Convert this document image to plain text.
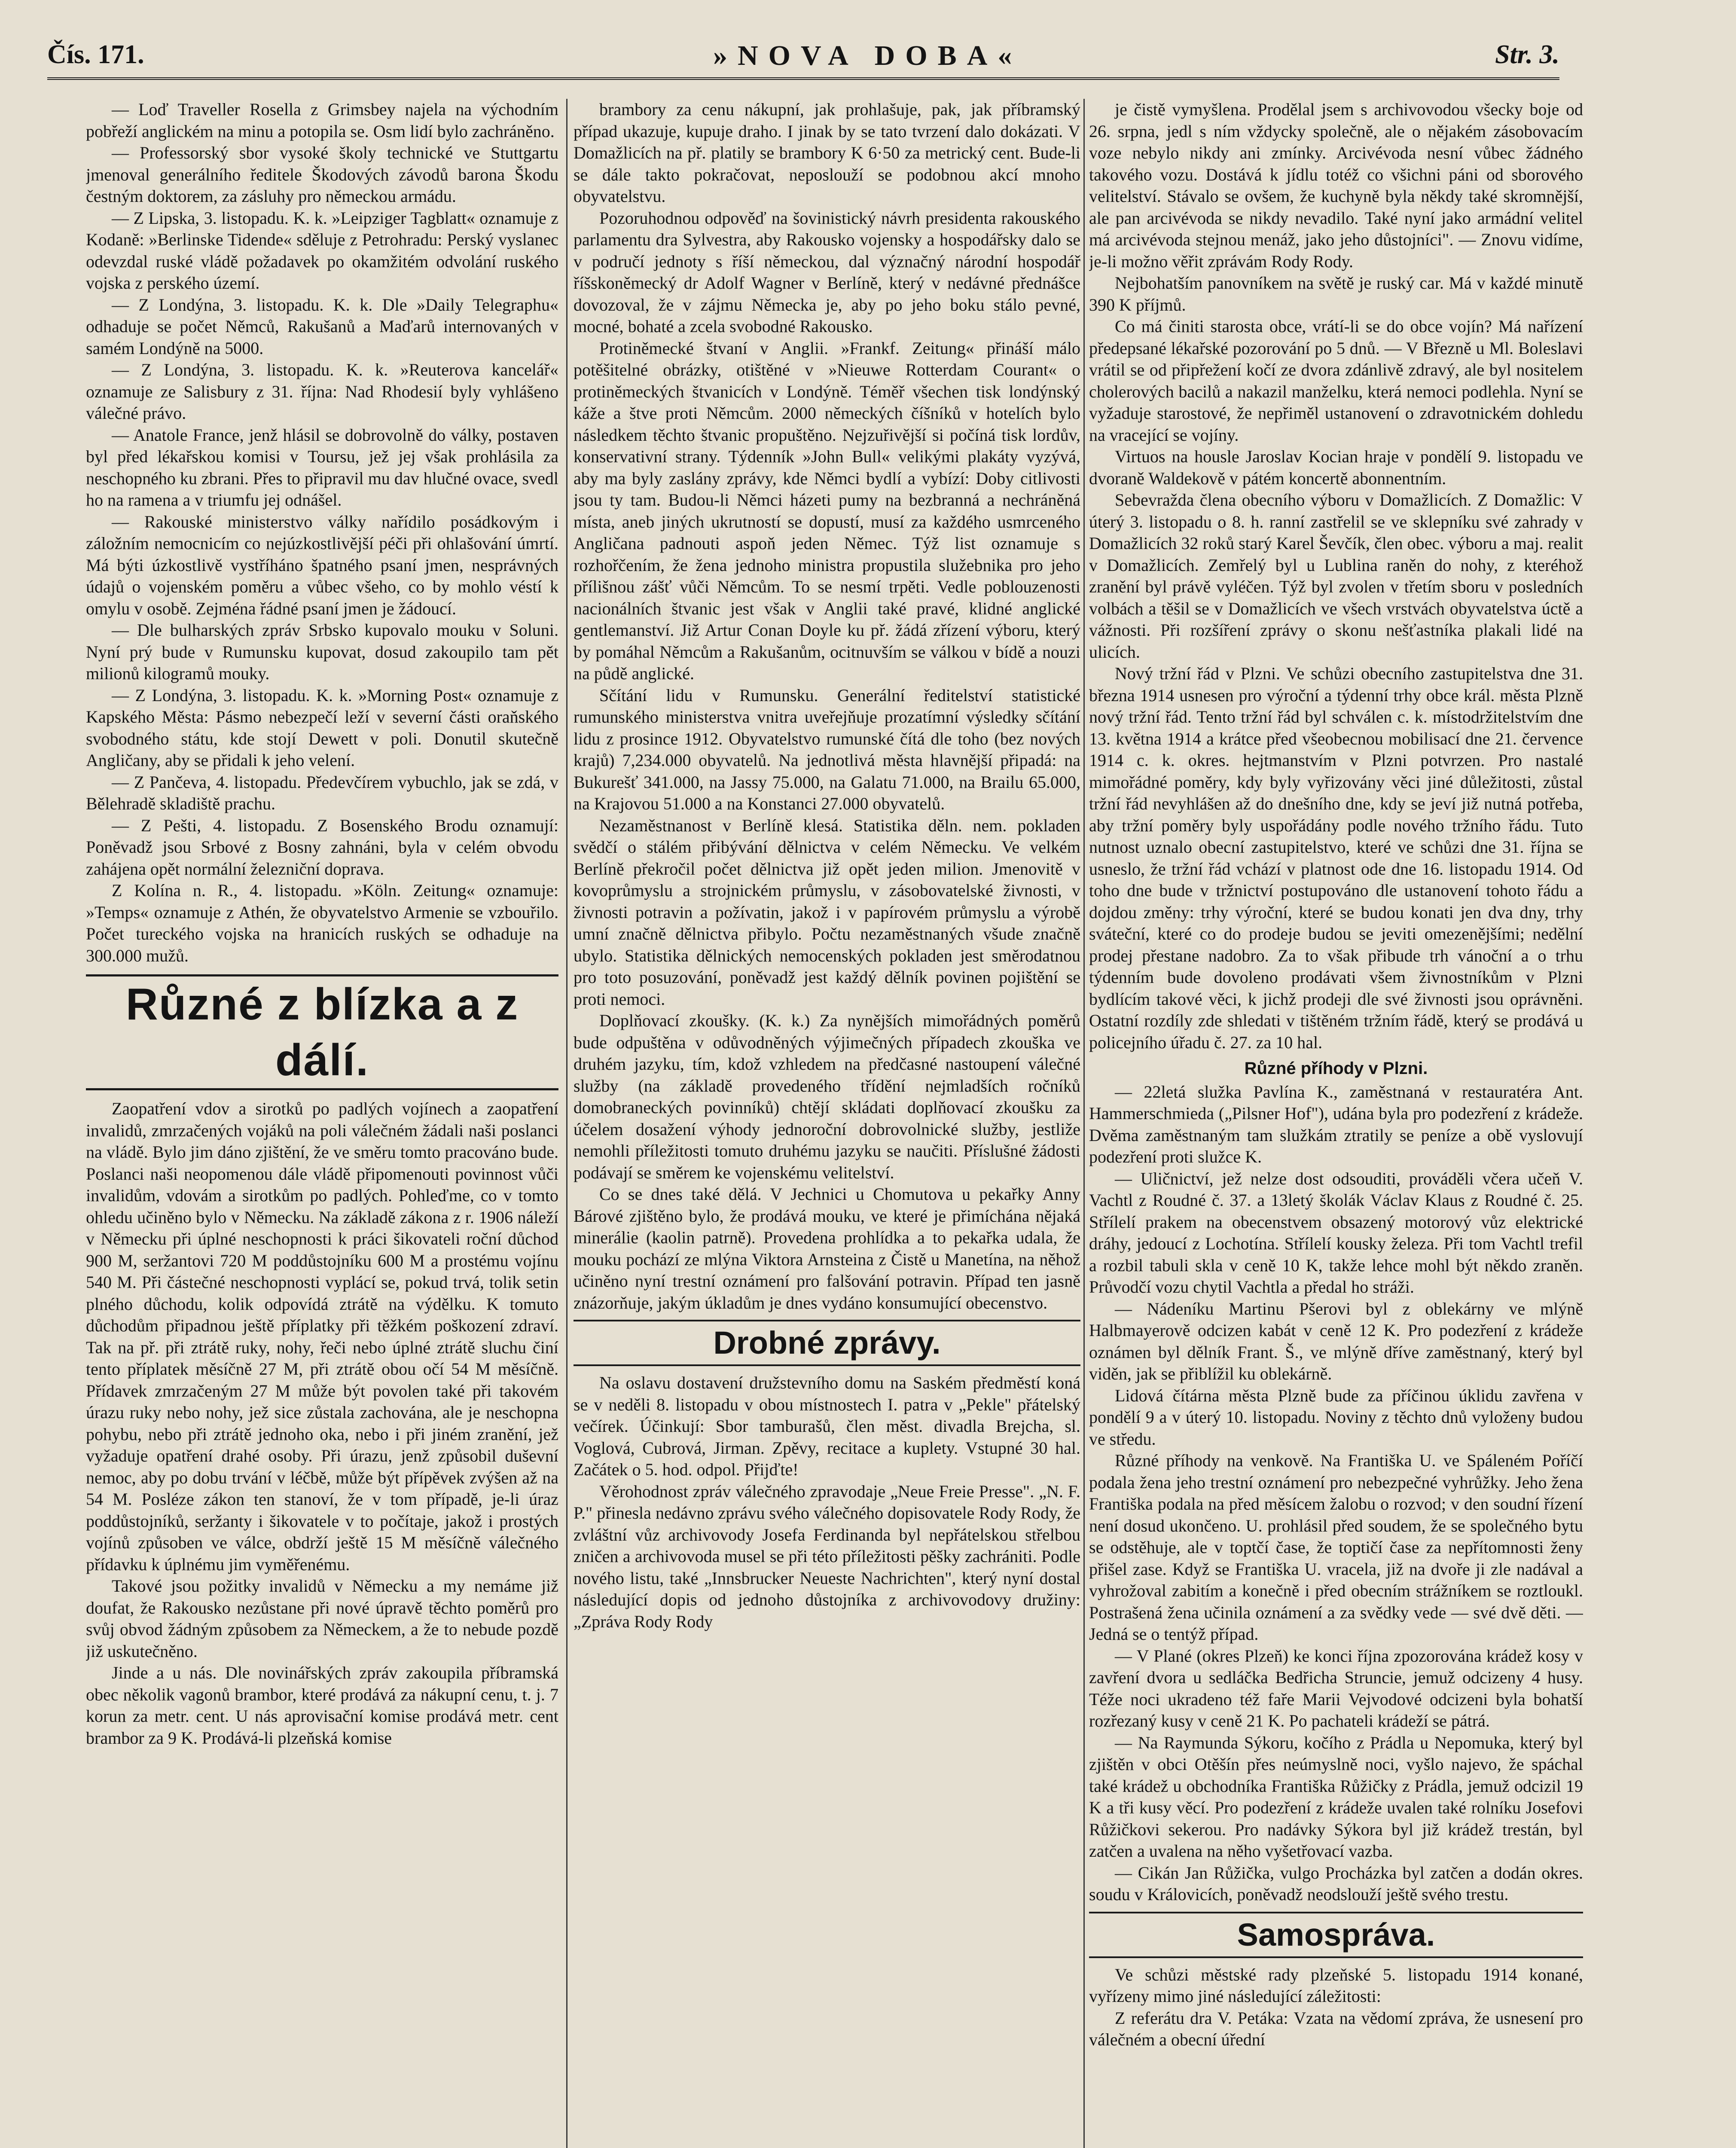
Čís. 171.	»NOVA DOBA«	Str. 3.

— Loď Traveller Rosella z Grimsbey najela na východním pobřeží anglickém na minu a potopila se. Osm lidí bylo zachráněno.

— Professorský sbor vysoké školy technické ve Stuttgartu jmenoval generálního ředitele Škodových závodů barona Škodu čestným doktorem, za zásluhy pro německou armádu.

— Z Lipska, 3. listopadu. K. k. »Leipziger Tagblatt« oznamuje z Kodaně: »Berlinske Tidende« sděluje z Petrohradu: Perský vyslanec odevzdal ruské vládě požadavek po okamžitém odvolání ruského vojska z perského území.

— Z Londýna, 3. listopadu. K. k. Dle »Daily Telegraphu« odhaduje se počet Němců, Rakušanů a Maďarů internovaných v samém Londýně na 5000.

— Z Londýna, 3. listopadu. K. k. »Reuterova kancelář« oznamuje ze Salisbury z 31. října: Nad Rhodesií byly vyhlášeno válečné právo.

— Anatole France, jenž hlásil se dobrovolně do války, postaven byl před lékařskou komisi v Toursu, jež jej však prohlásila za neschopného ku zbrani. Přes to připravil mu dav hlučné ovace, svedl ho na ramena a v triumfu jej odnášel.

— Rakouské ministerstvo války nařídilo posádkovým i záložním nemocnicím co nejúzkostlivější péči při ohlašování úmrtí. Má býti úzkostlivě vystříháno špatného psaní jmen, nesprávných údajů o vojenském poměru a vůbec všeho, co by mohlo véstí k omylu v osobě. Zejména řádné psaní jmen je žádoucí.

— Dle bulharských zpráv Srbsko kupovalo mouku v Soluni. Nyní prý bude v Rumunsku kupovat, dosud zakoupilo tam pět milionů kilogramů mouky.

— Z Londýna, 3. listopadu. K. k. »Morning Post« oznamuje z Kapského Města: Pásmo nebezpečí leží v severní části oraňského svobodného státu, kde stojí Dewett v poli. Donutil skutečně Angličany, aby se přidali k jeho velení.

— Z Pančeva, 4. listopadu. Předevčírem vybuchlo, jak se zdá, v Bělehradě skladiště prachu.

— Z Pešti, 4. listopadu. Z Bosenského Brodu oznamují: Poněvadž jsou Srbové z Bosny zahnáni, byla v celém obvodu zahájena opět normální železniční doprava.

Z Kolína n. R., 4. listopadu. »Köln. Zeitung« oznamuje: »Temps« oznamuje z Athén, že obyvatelstvo Armenie se vzbouřilo. Počet tureckého vojska na hranicích ruských se odhaduje na 300.000 mužů.

Různé z blízka a z dálí.

Zaopatření vdov a sirotků po padlých vojínech a zaopatření invalidů, zmrzačených vojáků na poli válečném žádali naši poslanci na vládě. Bylo jim dáno zjištění, že ve směru tomto pracováno bude. Poslanci naši neopomenou dále vládě připomenouti povinnost vůči invalidům, vdovám a sirotkům po padlých. Pohleďme, co v tomto ohledu učiněno bylo v Německu. Na základě zákona z r. 1906 náleží v Německu při úplné neschopnosti k práci šikovateli roční důchod 900 M, seržantovi 720 M poddůstojníku 600 M a prostému vojínu 540 M. Při částečné neschopnosti vyplácí se, pokud trvá, tolik setin plného důchodu, kolik odpovídá ztrátě na výdělku. K tomuto důchodům připadnou ještě příplatky při těžkém poškození zdraví. Tak na př. při ztrátě ruky, nohy, řeči nebo úplné ztrátě sluchu činí tento příplatek měsíčně 27 M, při ztrátě obou očí 54 M měsíčně. Přídavek zmrzačeným 27 M může být povolen také při takovém úrazu ruky nebo nohy, jež sice zůstala zachována, ale je neschopna pohybu, nebo při ztrátě jednoho oka, nebo i při jiném zranění, jež vyžaduje opatření drahé osoby. Při úrazu, jenž způsobil duševní nemoc, aby po dobu trvání v léčbě, může být přípěvek zvýšen až na 54 M. Posléze zákon ten stanoví, že v tom případě, je-li úraz poddůstojníků, seržanty i šikovatele v to počítaje, jakož i prostých vojínů způsoben ve válce, obdrží ještě 15 M měsíčně válečného přídavku k úplnému jim vyměřenému.

Takové jsou požitky invalidů v Německu a my nemáme již doufat, že Rakousko nezůstane při nové úpravě těchto poměrů pro svůj obvod žádným způsobem za Německem, a že to nebude pozdě již uskutečněno.

Jinde a u nás. Dle novinářských zpráv zakoupila příbramská obec několik vagonů brambor, které prodává za nákupní cenu, t. j. 7 korun za metr. cent. U nás aprovisační komise prodává metr. cent brambor za 9 K. Prodává-li plzeňská komise

brambory za cenu nákupní, jak prohlašuje, pak, jak příbramský případ ukazuje, kupuje draho. I jinak by se tato tvrzení dalo dokázati. V Domažlicích na př. platily se brambory K 6·50 za metrický cent. Bude-li se dále takto pokračovat, neposlouží se podobnou akcí mnoho obyvatelstvu.

Pozoruhodnou odpověď na šovinistický návrh presidenta rakouského parlamentu dra Sylvestra, aby Rakousko vojensky a hospodářsky dalo se v područí jednoty s říší německou, dal význačný národní hospodář říšskoněmecký dr Adolf Wagner v Berlíně, který v nedávné přednášce dovozoval, že v zájmu Německa je, aby po jeho boku stálo pevné, mocné, bohaté a zcela svobodné Rakousko.

Protiněmecké štvaní v Anglii. »Frankf. Zeitung« přináší málo potěšitelné obrázky, otištěné v »Nieuwe Rotterdam Courant« o protiněmeckých štvanicích v Londýně. Téměř všechen tisk londýnský káže a štve proti Němcům. 2000 německých číšníků v hotelích bylo následkem těchto štvanic propuštěno. Nejzuřivější si počíná tisk lordův, konservativní strany. Týdenník »John Bull« velikými plakáty vyzývá, aby ma byly zaslány zprávy, kde Němci bydlí a vybízí: Doby citlivosti jsou ty tam. Budou-li Němci házeti pumy na bezbranná a nechráněná místa, aneb jiných ukrutností se dopustí, musí za každého usmrceného Angličana padnouti aspoň jeden Němec. Týž list oznamuje s rozhořčením, že žena jednoho ministra propustila služebnika pro jeho přílišnou zášť vůči Němcům. To se nesmí trpěti. Vedle poblouzenosti nacionálních štvanic jest však v Anglii také pravé, klidné anglické gentlemanství. Již Artur Conan Doyle ku př. žádá zřízení výboru, který by pomáhal Němcům a Rakušanům, ocitnuvším se válkou v bídě a nouzi na půdě anglické.

Sčítání lidu v Rumunsku. Generální ředitelství statistické rumunského ministerstva vnitra uveřejňuje prozatímní výsledky sčítání lidu z prosince 1912. Obyvatelstvo rumunské čítá dle toho (bez nových krajů) 7,234.000 obyvatelů. Na jednotlivá města hlavnější připadá: na Bukurešť 341.000, na Jassy 75.000, na Galatu 71.000, na Brailu 65.000, na Krajovou 51.000 a na Konstanci 27.000 obyvatelů.

Nezaměstnanost v Berlíně klesá. Statistika děln. nem. pokladen svědčí o stálém přibývání dělnictva v celém Německu. Ve velkém Berlíně překročil počet dělnictva již opět jeden milion. Jmenovitě v kovoprůmyslu a strojnickém průmyslu, v zásobovatelské živnosti, v živnosti potravin a požívatin, jakož i v papírovém průmyslu a výrobě umní značně dělnictva přibylo. Počtu nezaměstnaných všude značně ubylo. Statistika dělnických nemocenských pokladen jest směrodatnou pro toto posuzování, poněvadž jest každý dělník povinen pojištění se proti nemoci.

Doplňovací zkoušky. (K. k.) Za nynějších mimořádných poměrů bude odpuštěna v odůvodněných výjimečných případech zkouška ve druhém jazyku, tím, kdož vzhledem na předčasné nastoupení válečné služby (na základě provedeného třídění nejmladších ročníků domobraneckých povinníků) chtějí skládati doplňovací zkoušku za účelem dosažení výhody jednoroční dobrovolnické služby, jestliže nemohli příležitosti tomuto druhému jazyku se naučiti. Příslušné žádosti podávají se směrem ke vojenskému velitelství.

Co se dnes také dělá. V Jechnici u Chomutova u pekařky Anny Bárové zjištěno bylo, že prodává mouku, ve které je přimíchána nějaká minerálie (kaolin patrně). Provedena prohlídka a to pekařka udala, že mouku pochází ze mlýna Viktora Arnsteina z Čistě u Manetína, na něhož učiněno nyní trestní oznámení pro falšování potravin. Případ ten jasně znázorňuje, jakým úkladům je dnes vydáno konsumující obecenstvo.

Drobné zprávy.

Na oslavu dostavení družstevního domu na Saském předměstí koná se v neděli 8. listopadu v obou místnostech I. patra v „Pekle" přátelský večírek. Účinkují: Sbor tamburašů, člen měst. divadla Brejcha, sl. Voglová, Cubrová, Jirman. Zpěvy, recitace a kuplety. Vstupné 30 hal. Začátek o 5. hod. odpol. Přijďte!

Věrohodnost zpráv válečného zpravodaje „Neue Freie Presse". „N. F. P." přinesla nedávno zprávu svého válečného dopisovatele Rody Rody, že zvláštní vůz archivovody Josefa Ferdinanda byl nepřátelskou střelbou zničen a archivovoda musel se při této příležitosti pěšky zachrániti. Podle nového listu, také „Innsbrucker Neueste Nachrichten", který nyní dostal následující dopis od jednoho důstojníka z archivovodovy družiny: „Zpráva Rody Rody

je čistě vymyšlena. Prodělal jsem s archivovodou všecky boje od 26. srpna, jedl s ním vždycky společně, ale o nějakém zásobovacím voze nebylo nikdy ani zmínky. Arcivévoda nesní vůbec žádného takového vozu. Dostává k jídlu totéž co všichni páni od sborového velitelství. Stávalo se ovšem, že kuchyně byla někdy také skromnější, ale pan arcivévoda se nikdy nevadilo. Také nyní jako armádní velitel má arcivévoda stejnou menáž, jako jeho důstojníci". — Znovu vidíme, je-li možno věřit zprávám Rody Rody.

Nejbohatším panovníkem na světě je ruský car. Má v každé minutě 390 K příjmů.

Co má činiti starosta obce, vrátí-li se do obce vojín? Má nařízení předepsané lékařské pozorování po 5 dnů. — V Březně u Ml. Boleslavi vrátil se od připřežení kočí ze dvora zdánlivě zdravý, ale byl nositelem cholerových bacilů a nakazil manželku, která nemoci podlehla. Nyní se vyžaduje starostové, že nepřiměl ustanovení o zdravotnickém dohledu na vracející se vojíny.

Virtuos na housle Jaroslav Kocian hraje v pondělí 9. listopadu ve dvoraně Waldekově v pátém koncertě abonnentním.

Sebevražda člena obecního výboru v Domažlicích. Z Domažlic: V úterý 3. listopadu o 8. h. ranní zastřelil se ve sklepníku své zahrady v Domažlicích 32 roků starý Karel Ševčík, člen obec. výboru a maj. realit v Domažlicích. Zemřelý byl u Lublina raněn do nohy, z kteréhož zranění byl právě vyléčen. Týž byl zvolen v třetím sboru v posledních volbách a těšil se v Domažlicích ve všech vrstvách obyvatelstva úctě a vážnosti. Při rozšíření zprávy o skonu nešťastníka plakali lidé na ulicích.

Nový tržní řád v Plzni. Ve schůzi obecního zastupitelstva dne 31. března 1914 usnesen pro výroční a týdenní trhy obce král. města Plzně nový tržní řád. Tento tržní řád byl schválen c. k. místodržitelstvím dne 13. května 1914 a krátce před všeobecnou mobilisací dne 21. července 1914 c. k. okres. hejtmanstvím v Plzni potvrzen. Pro nastalé mimořádné poměry, kdy byly vyřizovány věci jiné důležitosti, zůstal tržní řád nevyhlášen až do dnešního dne, kdy se jeví již nutná potřeba, aby tržní poměry byly uspořádány podle nového tržního řádu. Tuto nutnost uznalo obecní zastupitelstvo, které ve schůzi dne 31. října se usneslo, že tržní řád vchází v platnost ode dne 16. listopadu 1914. Od toho dne bude v tržnictví postupováno dle ustanovení tohoto řádu a dojdou změny: trhy výroční, které se budou konati jen dva dny, trhy sváteční, které co do prodeje budou se jeviti omezenějšími; nedělní prodej přestane nadobro. Za to však přibude trh vánoční a o trhu týdenním bude dovoleno prodávati všem živnostníkům v Plzni bydlícím takové věci, k jichž prodeji dle své živnosti jsou oprávněni. Ostatní rozdíly zde shledati v tištěném tržním řádě, který se prodává u policejního úřadu č. 27. za 10 hal.

Různé příhody v Plzni.

— 22letá služka Pavlína K., zaměstnaná v restauratéra Ant. Hammerschmieda („Pilsner Hof"), udána byla pro podezření z krádeže. Dvěma zaměstnaným tam služkám ztratily se peníze a obě vyslovují podezření proti služce K.

— Uličnictví, jež nelze dost odsouditi, prováděli včera učeň V. Vachtl z Roudné č. 37. a 13letý školák Václav Klaus z Roudné č. 25. Střílelí prakem na obecenstvem obsazený motorový vůz elektrické dráhy, jedoucí z Lochotína. Střílelí kousky železa. Při tom Vachtl trefil a rozbil tabuli skla v ceně 10 K, takže lehce mohl být někdo zraněn. Průvodčí vozu chytil Vachtla a předal ho stráži.

— Nádeníku Martinu Pšerovi byl z oblekárny ve mlýně Halbmayerově odcizen kabát v ceně 12 K. Pro podezření z krádeže oznámen byl dělník Frant. Š., ve mlýně dříve zaměstnaný, který byl viděn, jak se přiblížil ku oblekárně.

Lidová čítárna města Plzně bude za příčinou úklidu zavřena v pondělí 9 a v úterý 10. listopadu. Noviny z těchto dnů vyloženy budou ve středu.

Různé příhody na venkově. Na Františka U. ve Spáleném Poříčí podala žena jeho trestní oznámení pro nebezpečné vyhrůžky. Jeho žena Františka podala na před měsícem žalobu o rozvod; v den soudní řízení není dosud ukončeno. U. prohlásil před soudem, že se společného bytu se odstěhuje, ale v toptčí čase, že toptičí čase za nepřítomnosti ženy přišel zase. Když se Františka U. vracela, již na dvoře ji zle nadával a vyhrožoval zabitím a konečně i před obecním strážníkem se roztloukl. Postrašená žena učinila oznámení a za svědky vede — své dvě děti. — Jedná se o tentýž případ.

— V Plané (okres Plzeň) ke konci října zpozorována krádež kosy v zavření dvora u sedláčka Bedřicha Struncie, jemuž odcizeny 4 husy. Téže noci ukradeno též faře Marii Vejvodové odcizeni byla bohatší rozřezaný kusy v ceně 21 K. Po pachateli krádeží se pátrá.

— Na Raymunda Sýkoru, kočího z Prádla u Nepomuka, který byl zjištěn v obci Otěšín přes neúmyslně noci, vyšlo najevo, že spáchal také krádež u obchodníka Františka Růžičky z Prádla, jemuž odcizil 19 K a tři kusy věcí. Pro podezření z krádeže uvalen také rolníku Josefovi Růžičkovi sekerou. Pro nadávky Sýkora byl již krádež trestán, byl zatčen a uvalena na něho vyšetřovací vazba.

— Cikán Jan Růžička, vulgo Procházka byl zatčen a dodán okres. soudu v Královicích, poněvadž neodslouží ještě svého trestu.

Samospráva.

Ve schůzi městské rady plzeňské 5. listopadu 1914 konané, vyřízeny mimo jiné následující záležitosti:

Z referátu dra V. Petáka: Vzata na vědomí zpráva, že usnesení pro válečném a obecní úřední
